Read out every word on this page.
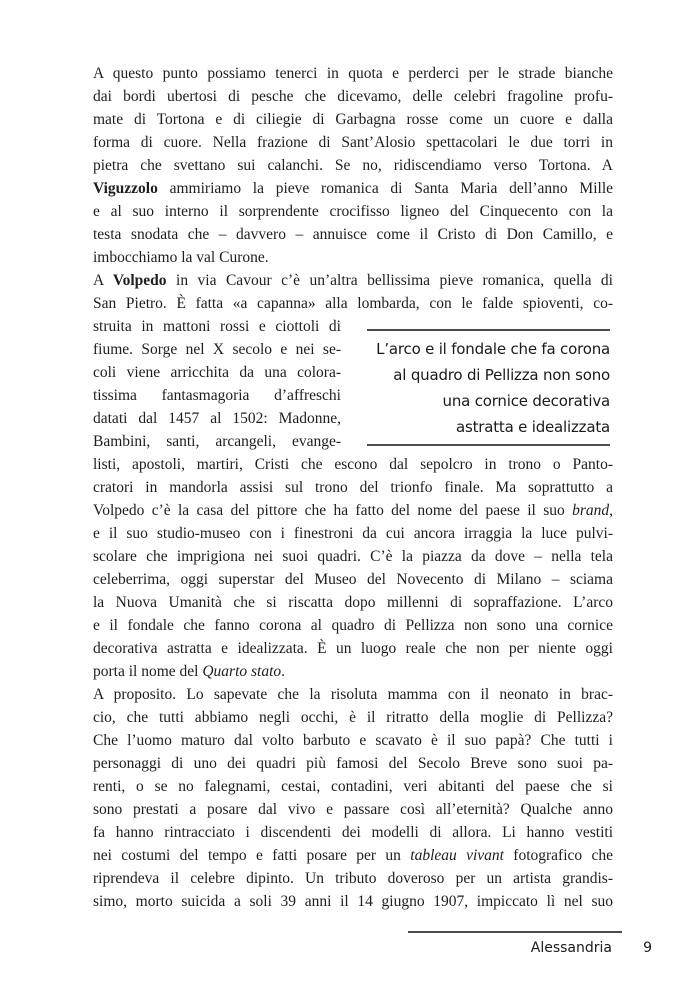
A questo punto possiamo tenerci in quota e perderci per le strade bianche
dai bordi ubertosi di pesche che dicevamo, delle celebri fragoline profu-
mate di Tortona e di ciliegie di Garbagna rosse come un cuore e dalla
forma di cuore. Nella frazione di Sant’Alosio spettacolari le due torri in
pietra che svettano sui calanchi. Se no, ridiscendiamo verso Tortona. A
Viguzzolo ammiriamo la pieve romanica di Santa Maria dell’anno Mille
e al suo interno il sorprendente crocifisso ligneo del Cinquecento con la
testa snodata che – davvero – annuisce come il Cristo di Don Camillo, e
imbocchiamo la val Curone.
A Volpedo in via Cavour c’è un’altra bellissima pieve romanica, quella di
San Pietro. È fatta «a capanna» alla lombarda, con le falde spioventi, co-
struita in mattoni rossi e ciottoli di
fiume. Sorge nel X secolo e nei se-
coli viene arricchita da una colora-
tissima fantasmagoria d’affreschi
datati dal 1457 al 1502: Madonne,
Bambini, santi, arcangeli, evange-
listi, apostoli, martiri, Cristi che escono dal sepolcro in trono o Panto-
cratori in mandorla assisi sul trono del trionfo finale. Ma soprattutto a
Volpedo c’è la casa del pittore che ha fatto del nome del paese il suo brand,
e il suo studio-museo con i finestroni da cui ancora irraggia la luce pulvi-
scolare che imprigiona nei suoi quadri. C’è la piazza da dove – nella tela
celeberrima, oggi superstar del Museo del Novecento di Milano – sciama
la Nuova Umanità che si riscatta dopo millenni di sopraffazione. L’arco
e il fondale che fanno corona al quadro di Pellizza non sono una cornice
decorativa astratta e idealizzata. È un luogo reale che non per niente oggi
porta il nome del Quarto stato.
A proposito. Lo sapevate che la risoluta mamma con il neonato in brac-
cio, che tutti abbiamo negli occhi, è il ritratto della moglie di Pellizza?
Che l’uomo maturo dal volto barbuto e scavato è il suo papà? Che tutti i
personaggi di uno dei quadri più famosi del Secolo Breve sono suoi pa-
renti, o se no falegnami, cestai, contadini, veri abitanti del paese che si
sono prestati a posare dal vivo e passare così all’eternità? Qualche anno
fa hanno rintracciato i discendenti dei modelli di allora. Li hanno vestiti
nei costumi del tempo e fatti posare per un tableau vivant fotografico che
riprendeva il celebre dipinto. Un tributo doveroso per un artista grandis-
simo, morto suicida a soli 39 anni il 14 giugno 1907, impiccato lì nel suo
L’arco e il fondale che fa corona
al quadro di Pellizza non sono
una cornice decorativa
astratta e idealizzata
Alessandria 9
